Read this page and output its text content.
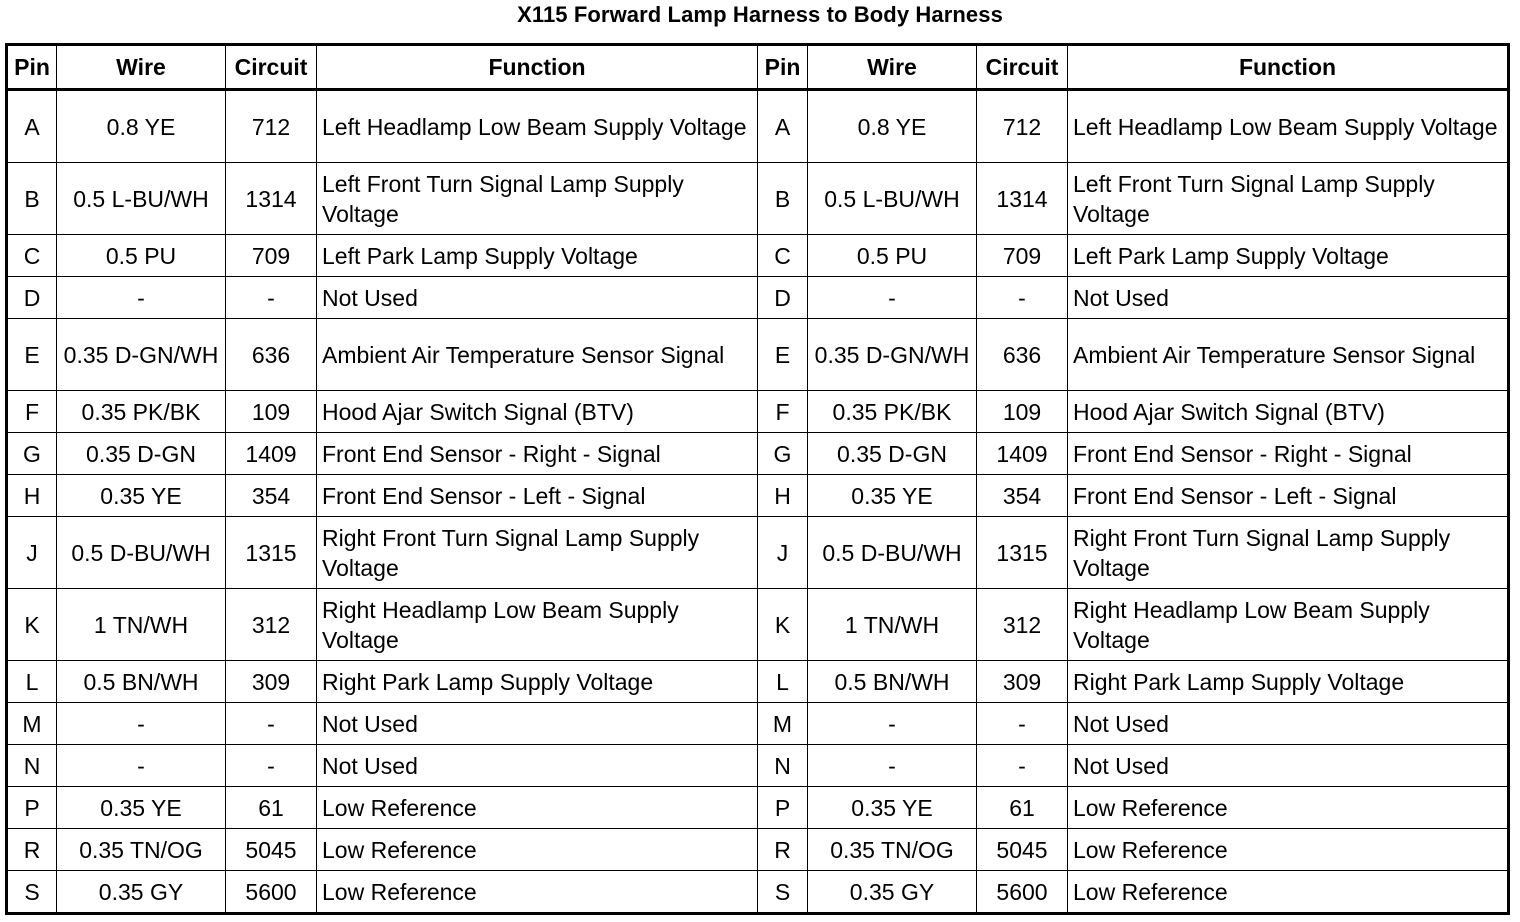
X115 Forward Lamp Harness to Body Harness
Pin	Wire	Circuit	Function	Pin	Wire	Circuit	Function
A	0.8 YE	712	Left Headlamp Low Beam Supply Voltage	A	0.8 YE	712	Left Headlamp Low Beam Supply Voltage
B	0.5 L-BU/WH	1314	Left Front Turn Signal Lamp Supply Voltage	B	0.5 L-BU/WH	1314	Left Front Turn Signal Lamp Supply Voltage
C	0.5 PU	709	Left Park Lamp Supply Voltage	C	0.5 PU	709	Left Park Lamp Supply Voltage
D	-	-	Not Used	D	-	-	Not Used
E	0.35 D-GN/WH	636	Ambient Air Temperature Sensor Signal	E	0.35 D-GN/WH	636	Ambient Air Temperature Sensor Signal
F	0.35 PK/BK	109	Hood Ajar Switch Signal (BTV)	F	0.35 PK/BK	109	Hood Ajar Switch Signal (BTV)
G	0.35 D-GN	1409	Front End Sensor - Right - Signal	G	0.35 D-GN	1409	Front End Sensor - Right - Signal
H	0.35 YE	354	Front End Sensor - Left - Signal	H	0.35 YE	354	Front End Sensor - Left - Signal
J	0.5 D-BU/WH	1315	Right Front Turn Signal Lamp Supply Voltage	J	0.5 D-BU/WH	1315	Right Front Turn Signal Lamp Supply Voltage
K	1 TN/WH	312	Right Headlamp Low Beam Supply Voltage	K	1 TN/WH	312	Right Headlamp Low Beam Supply Voltage
L	0.5 BN/WH	309	Right Park Lamp Supply Voltage	L	0.5 BN/WH	309	Right Park Lamp Supply Voltage
M	-	-	Not Used	M	-	-	Not Used
N	-	-	Not Used	N	-	-	Not Used
P	0.35 YE	61	Low Reference	P	0.35 YE	61	Low Reference
R	0.35 TN/OG	5045	Low Reference	R	0.35 TN/OG	5045	Low Reference
S	0.35 GY	5600	Low Reference	S	0.35 GY	5600	Low Reference
